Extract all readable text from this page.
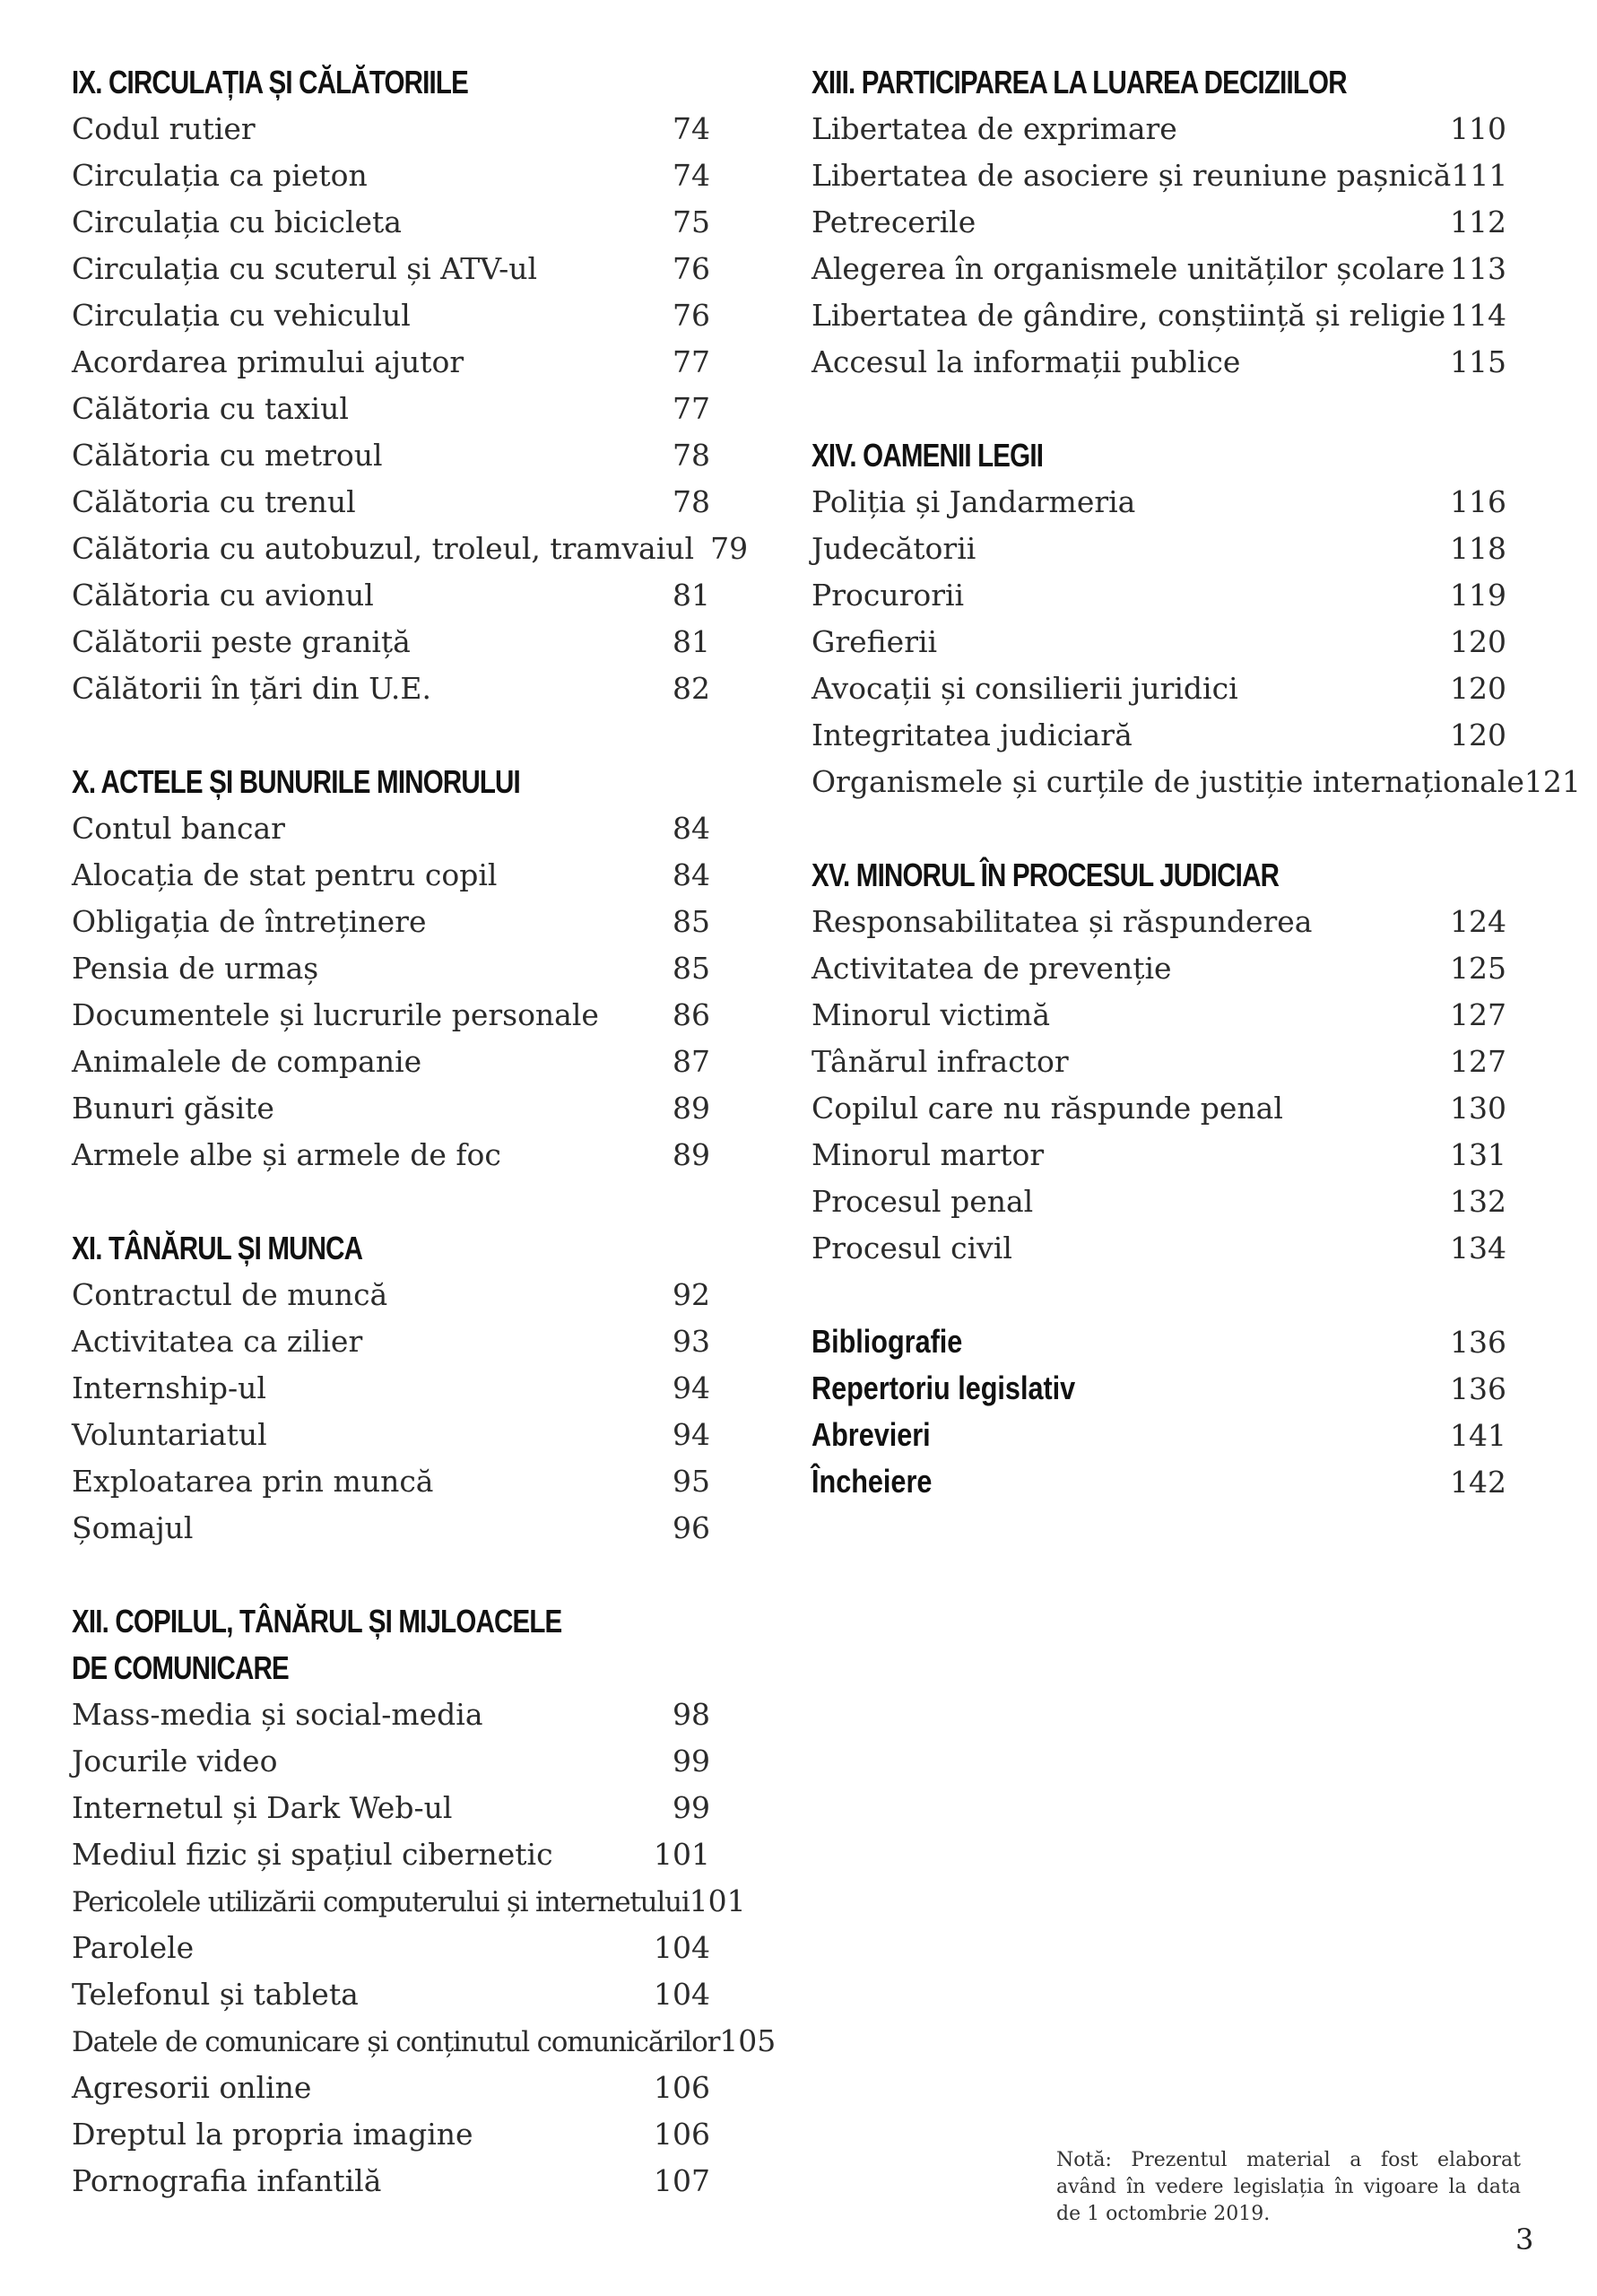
IX. CIRCULAȚIA ȘI CĂLĂTORIILE
Codul rutier	74
Circulația ca pieton	74
Circulația cu bicicleta	75
Circulația cu scuterul și ATV-ul	76
Circulația cu vehiculul	76
Acordarea primului ajutor	77
Călătoria cu taxiul	77
Călătoria cu metroul	78
Călătoria cu trenul	78
Călătoria cu autobuzul, troleul, tramvaiul 79
Călătoria cu avionul	81
Călătorii peste graniță	81
Călătorii în țări din U.E.	82
X. ACTELE ȘI BUNURILE MINORULUI
Contul bancar	84
Alocația de stat pentru copil	84
Obligația de întreținere	85
Pensia de urmaș	85
Documentele și lucrurile personale	86
Animalele de companie	87
Bunuri găsite	89
Armele albe și armele de foc	89
XI. TÂNĂRUL ȘI MUNCA
Contractul de muncă	92
Activitatea ca zilier	93
Internship-ul	94
Voluntariatul	94
Exploatarea prin muncă	95
Șomajul	96
XII. COPILUL, TÂNĂRUL ȘI MIJLOACELE
DE COMUNICARE
Mass-media și social-media	98
Jocurile video	99
Internetul și Dark Web-ul	99
Mediul fizic și spațiul cibernetic	101
Pericolele utilizării computerului și internetului 101
Parolele	104
Telefonul și tableta	104
Datele de comunicare și conținutul comunicărilor 105
Agresorii online	106
Dreptul la propria imagine	106
Pornografia infantilă	107
XIII. PARTICIPAREA LA LUAREA DECIZIILOR
Libertatea de exprimare	110
Libertatea de asociere și reuniune pașnică 111
Petrecerile	112
Alegerea în organismele unităților școlare 113
Libertatea de gândire, conștiință și religie 114
Accesul la informații publice	115
XIV. OAMENII LEGII
Poliția și Jandarmeria	116
Judecătorii	118
Procurorii	119
Grefierii	120
Avocații și consilierii juridici	120
Integritatea judiciară	120
Organismele și curțile de justiție internaționale 121
XV. MINORUL ÎN PROCESUL JUDICIAR
Responsabilitatea și răspunderea	124
Activitatea de prevenție	125
Minorul victimă	127
Tânărul infractor	127
Copilul care nu răspunde penal	130
Minorul martor	131
Procesul penal	132
Procesul civil	134
Bibliografie	136
Repertoriu legislativ	136
Abrevieri	141
Încheiere	142
Notă: Prezentul material a fost elaborat având în vedere legislația în vigoare la data de 1 octombrie 2019.
3
